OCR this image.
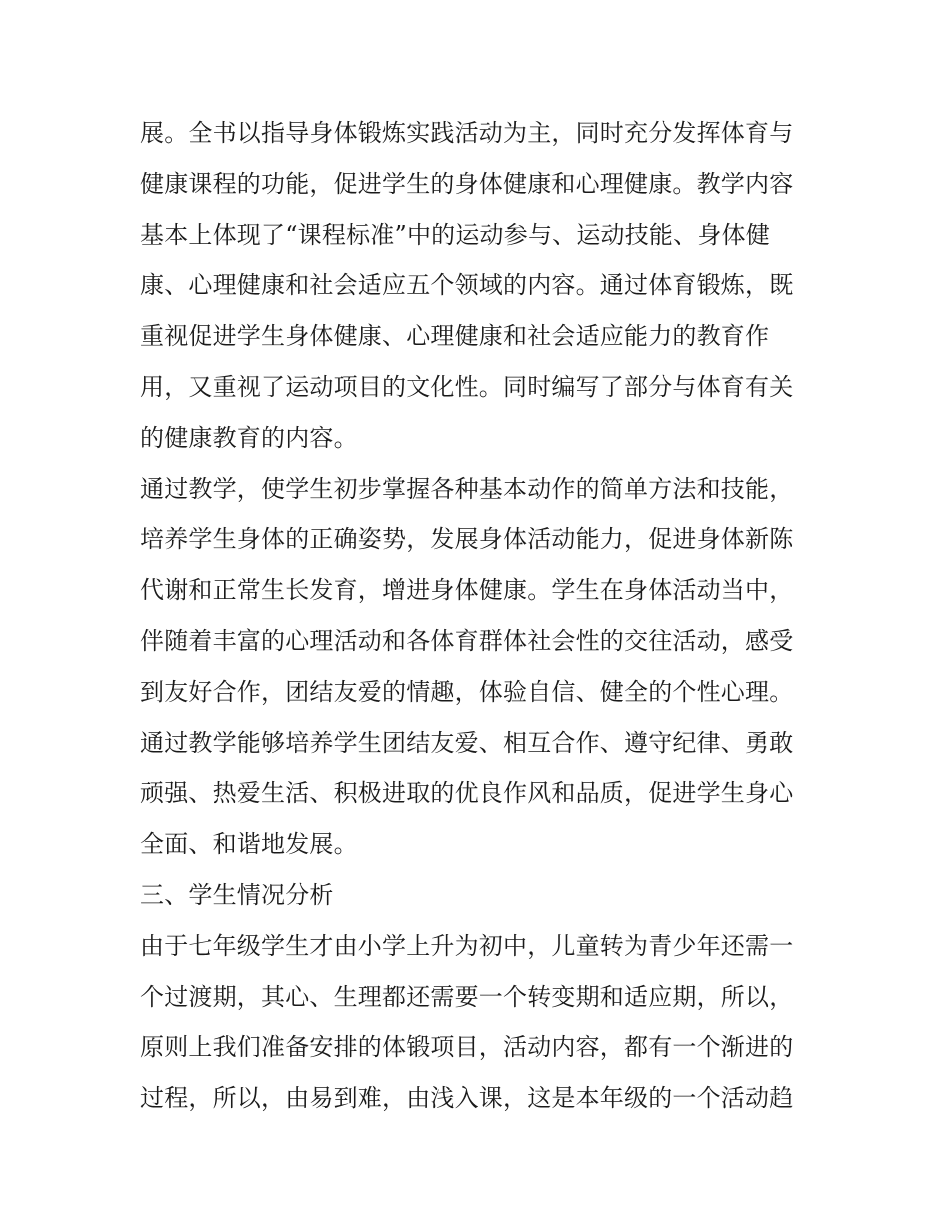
展。全书以指导身体锻炼实践活动为主，同时充分发挥体育与
健康课程的功能，促进学生的身体健康和心理健康。教学内容
基本上体现了“课程标准”中的运动参与、运动技能、身体健
康、心理健康和社会适应五个领域的内容。通过体育锻炼，既
重视促进学生身体健康、心理健康和社会适应能力的教育作
用，又重视了运动项目的文化性。同时编写了部分与体育有关
的健康教育的内容。
通过教学，使学生初步掌握各种基本动作的简单方法和技能，
培养学生身体的正确姿势，发展身体活动能力，促进身体新陈
代谢和正常生长发育，增进身体健康。学生在身体活动当中，
伴随着丰富的心理活动和各体育群体社会性的交往活动，感受
到友好合作，团结友爱的情趣，体验自信、健全的个性心理。
通过教学能够培养学生团结友爱、相互合作、遵守纪律、勇敢
顽强、热爱生活、积极进取的优良作风和品质，促进学生身心
全面、和谐地发展。
三、学生情况分析
由于七年级学生才由小学上升为初中，儿童转为青少年还需一
个过渡期，其心、生理都还需要一个转变期和适应期，所以，
原则上我们准备安排的体锻项目，活动内容，都有一个渐进的
过程，所以，由易到难，由浅入课，这是本年级的一个活动趋
